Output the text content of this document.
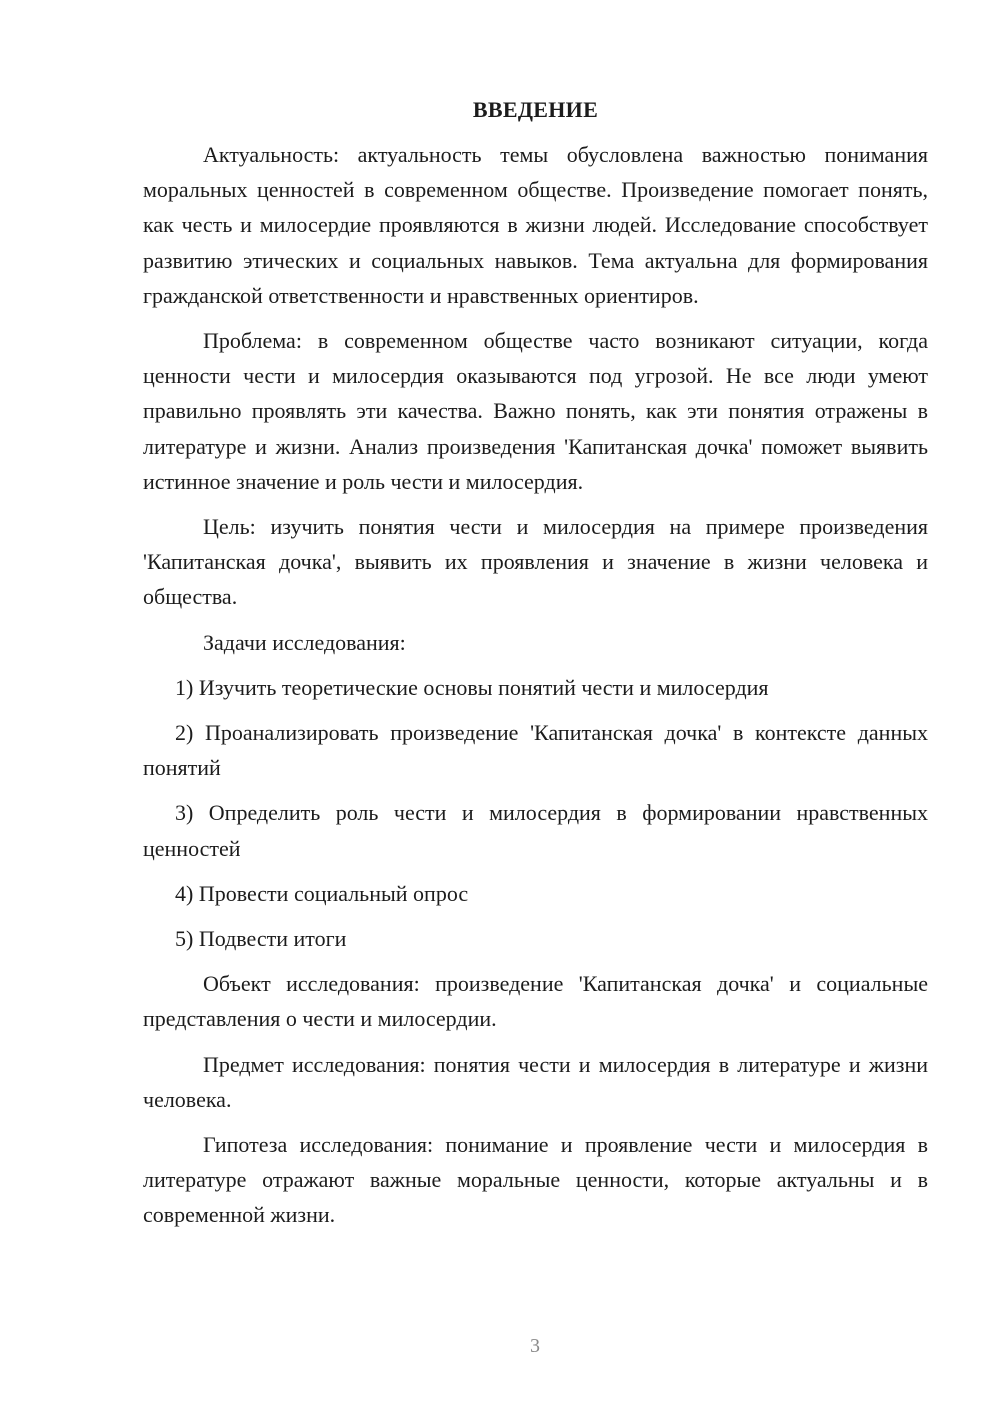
ВВЕДЕНИЕ

Актуальность: актуальность темы обусловлена важностью понимания моральных ценностей в современном обществе. Произведение помогает понять, как честь и милосердие проявляются в жизни людей. Исследование способствует развитию этических и социальных навыков. Тема актуальна для формирования гражданской ответственности и нравственных ориентиров.

Проблема: в современном обществе часто возникают ситуации, когда ценности чести и милосердия оказываются под угрозой. Не все люди умеют правильно проявлять эти качества. Важно понять, как эти понятия отражены в литературе и жизни. Анализ произведения 'Капитанская дочка' поможет выявить истинное значение и роль чести и милосердия.

Цель: изучить понятия чести и милосердия на примере произведения 'Капитанская дочка', выявить их проявления и значение в жизни человека и общества.

Задачи исследования:

1) Изучить теоретические основы понятий чести и милосердия

2) Проанализировать произведение 'Капитанская дочка' в контексте данных понятий

3) Определить роль чести и милосердия в формировании нравственных ценностей

4) Провести социальный опрос

5) Подвести итоги

Объект исследования: произведение 'Капитанская дочка' и социальные представления о чести и милосердии.

Предмет исследования: понятия чести и милосердия в литературе и жизни человека.

Гипотеза исследования: понимание и проявление чести и милосердия в литературе отражают важные моральные ценности, которые актуальны и в современной жизни.

3
